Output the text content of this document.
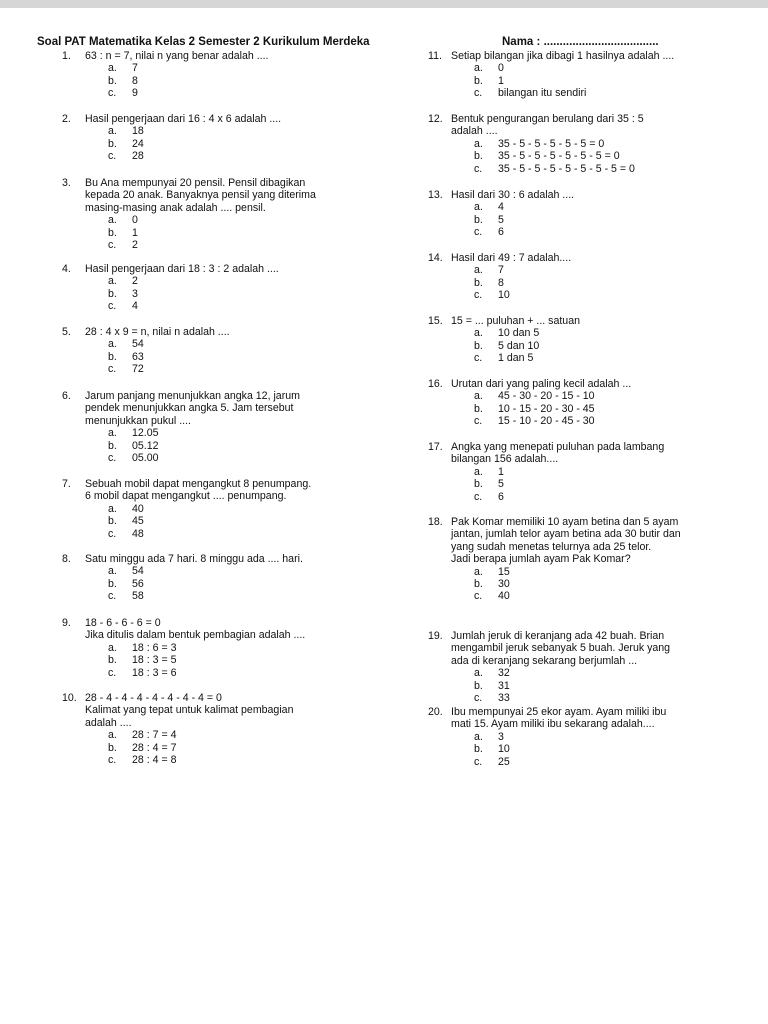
Soal PAT Matematika Kelas 2 Semester 2 Kurikulum Merdeka	Nama : ....................................
1. 63 : n = 7, nilai n yang benar adalah ....
a. 7
b. 8
c. 9
2. Hasil pengerjaan dari 16 : 4 x 6 adalah ....
a. 18
b. 24
c. 28
3. Bu Ana mempunyai 20 pensil. Pensil dibagikan
kepada 20 anak. Banyaknya pensil yang diterima
masing-masing anak adalah .... pensil.
a. 0
b. 1
c. 2
4. Hasil pengerjaan dari 18 : 3 : 2 adalah ....
a. 2
b. 3
c. 4
5. 28 : 4 x 9 = n, nilai n adalah ....
a. 54
b. 63
c. 72
6. Jarum panjang menunjukkan angka 12, jarum
pendek menunjukkan angka 5. Jam tersebut
menunjukkan pukul ....
a. 12.05
b. 05.12
c. 05.00
7. Sebuah mobil dapat mengangkut 8 penumpang.
6 mobil dapat mengangkut .... penumpang.
a. 40
b. 45
c. 48
8. Satu minggu ada 7 hari. 8 minggu ada .... hari.
a. 54
b. 56
c. 58
9. 18 - 6 - 6 - 6 = 0
Jika ditulis dalam bentuk pembagian adalah ....
a. 18 : 6 = 3
b. 18 : 3 = 5
c. 18 : 3 = 6
10. 28 - 4 - 4 - 4 - 4 - 4 - 4 - 4 = 0
Kalimat yang tepat untuk kalimat pembagian
adalah ....
a. 28 : 7 = 4
b. 28 : 4 = 7
c. 28 : 4 = 8
11. Setiap bilangan jika dibagi 1 hasilnya adalah ....
a. 0
b. 1
c. bilangan itu sendiri
12. Bentuk pengurangan berulang dari 35 : 5
adalah ....
a. 35 - 5 - 5 - 5 - 5 - 5 = 0
b. 35 - 5 - 5 - 5 - 5 - 5 - 5 = 0
c. 35 - 5 - 5 - 5 - 5 - 5 - 5 - 5 = 0
13. Hasil dari 30 : 6 adalah ....
a. 4
b. 5
c. 6
14. Hasil dari 49 : 7 adalah....
a. 7
b. 8
c. 10
15. 15 = ... puluhan + ... satuan
a. 10 dan 5
b. 5 dan 10
c. 1 dan 5
16. Urutan dari yang paling kecil adalah ...
a. 45 - 30 - 20 - 15 - 10
b. 10 - 15 - 20 - 30 - 45
c. 15 - 10 - 20 - 45 - 30
17. Angka yang menepati puluhan pada lambang
bilangan 156 adalah....
a. 1
b. 5
c. 6
18. Pak Komar memiliki 10 ayam betina dan 5 ayam
jantan, jumlah telor ayam betina ada 30 butir dan
yang sudah menetas telurnya ada 25 telor.
Jadi berapa jumlah ayam Pak Komar?
a. 15
b. 30
c. 40
19. Jumlah jeruk di keranjang ada 42 buah. Brian
mengambil jeruk sebanyak 5 buah. Jeruk yang
ada di keranjang sekarang berjumlah ...
a. 32
b. 31
c. 33
20. Ibu mempunyai 25 ekor ayam. Ayam miliki ibu
mati 15. Ayam miliki ibu sekarang adalah....
a. 3
b. 10
c. 25
